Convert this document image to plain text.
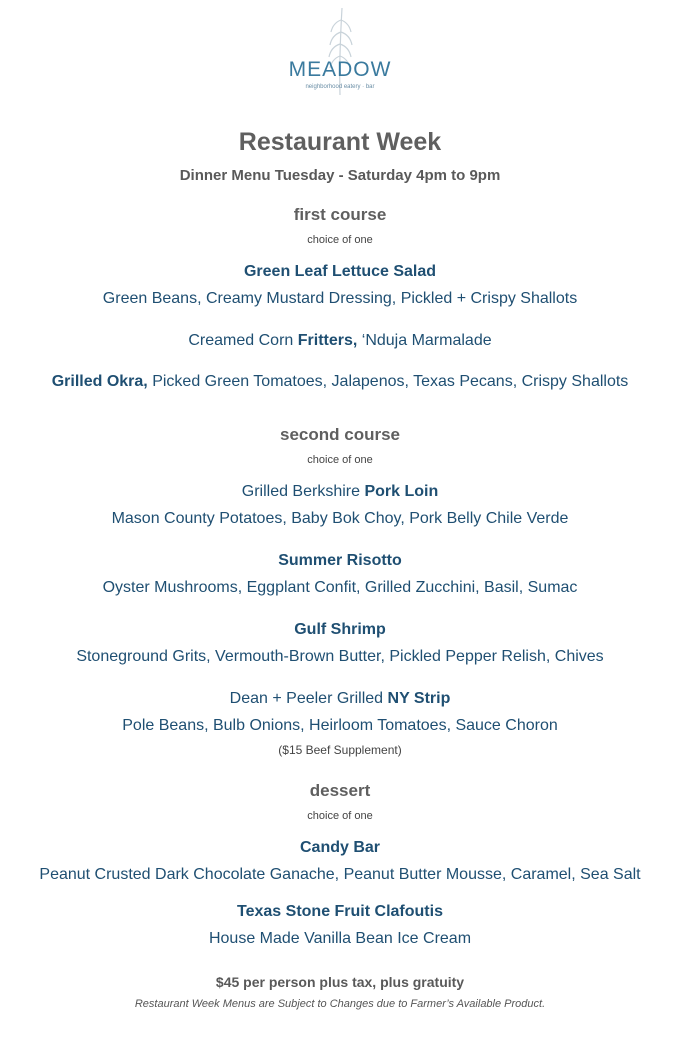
MEADOW
neighborhood eatery · bar
Restaurant Week
Dinner Menu Tuesday - Saturday 4pm to 9pm
first course
choice of one
Green Leaf Lettuce Salad
Green Beans, Creamy Mustard Dressing, Pickled + Crispy Shallots
Creamed Corn Fritters, ‘Nduja Marmalade
Grilled Okra, Picked Green Tomatoes, Jalapenos, Texas Pecans, Crispy Shallots
second course
choice of one
Grilled Berkshire Pork Loin
Mason County Potatoes, Baby Bok Choy, Pork Belly Chile Verde
Summer Risotto
Oyster Mushrooms, Eggplant Confit, Grilled Zucchini, Basil, Sumac
Gulf Shrimp
Stoneground Grits, Vermouth-Brown Butter, Pickled Pepper Relish, Chives
Dean + Peeler Grilled NY Strip
Pole Beans, Bulb Onions, Heirloom Tomatoes, Sauce Choron
($15 Beef Supplement)
dessert
choice of one
Candy Bar
Peanut Crusted Dark Chocolate Ganache, Peanut Butter Mousse, Caramel, Sea Salt
Texas Stone Fruit Clafoutis
House Made Vanilla Bean Ice Cream
$45 per person plus tax, plus gratuity
Restaurant Week Menus are Subject to Changes due to Farmer’s Available Product.
